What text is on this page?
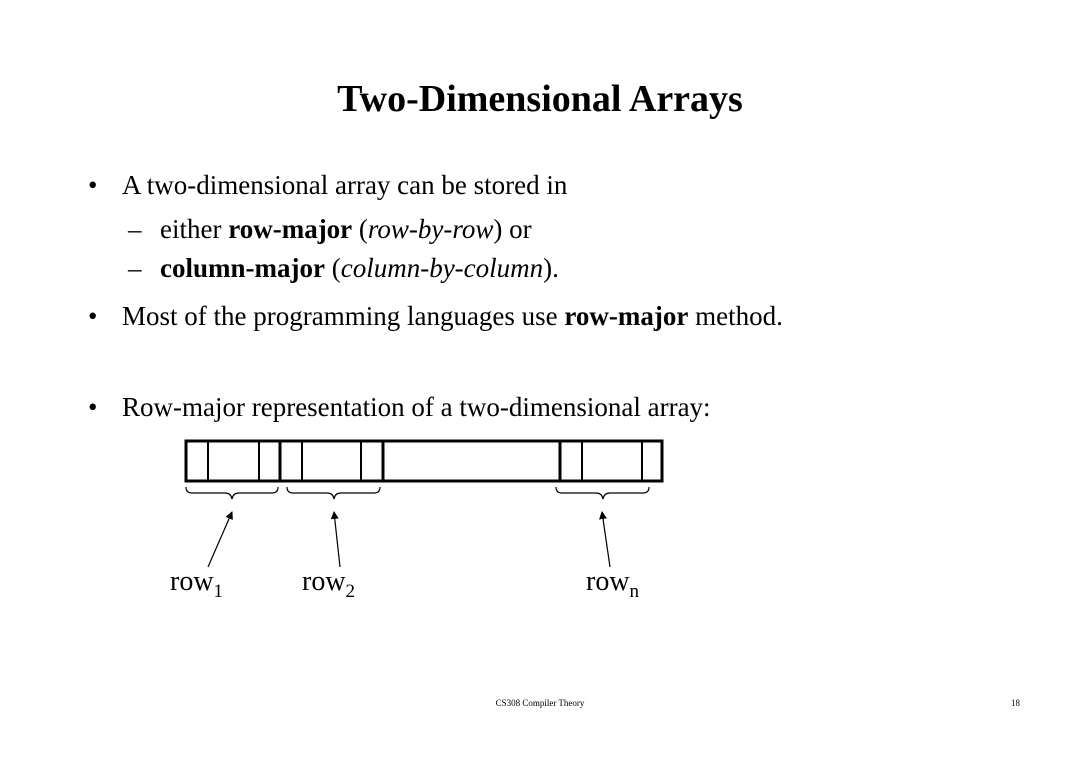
Two-Dimensional Arrays
• A two-dimensional array can be stored in
– either row-major (row-by-row) or
– column-major (column-by-column).
• Most of the programming languages use row-major method.
• Row-major representation of a two-dimensional array:
row$_1$	row$_2$	row$_n$
CS308 Compiler Theory	18
